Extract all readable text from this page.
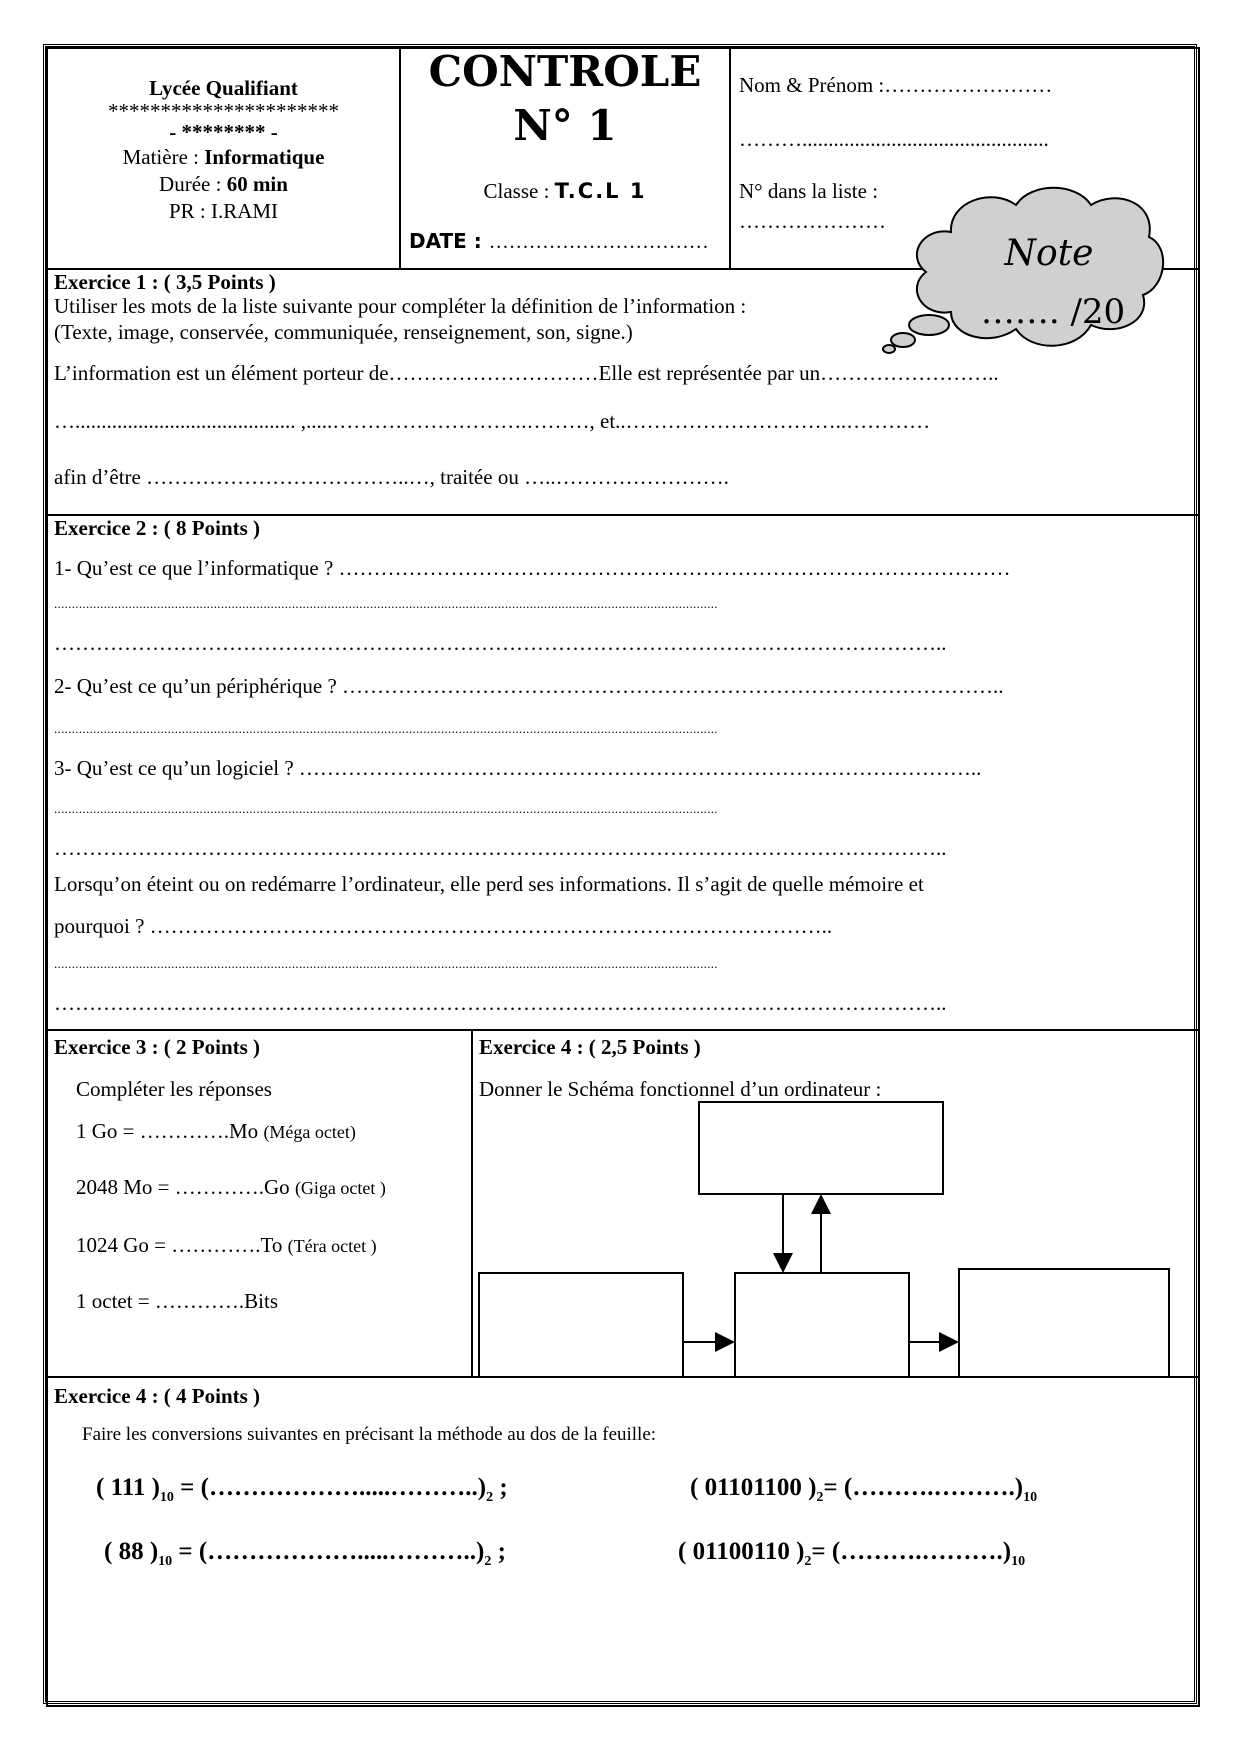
Lycée Qualifiant
**********************
- ******** -
Matière : Informatique
Durée : 60 min
PR : I.RAMI
CONTROLE
N° 1
Classe : T.C.L 1
DATE : ……………………………
Nom & Prénom :……………………
………...............................................
N° dans la liste :
…………………
Exercice 1 : ( 3,5 Points )
Utiliser les mots de la liste suivante pour compléter la définition de l’information :
(Texte, image, conservée, communiquée, renseignement, son, signe.)
L’information est un élément porteur de…………………………Elle est représentée par un……………………..
….......................................... ,.....……………………….………, et..…………………………..…………
afin d’être ………………………………..…, traitée ou …..…………………….
Note
……. /20
Exercice 2 : ( 8 Points )
1- Qu’est ce que l’informatique ? ……………………………………………………………………………………
...........................................................................................................................................................................................
………………………………………………………………………………………………………………..
2- Qu’est ce qu’un périphérique ? …………………………………………………………………………………..
...........................................................................................................................................................................................
3- Qu’est ce qu’un logiciel ? ……………………………………………………………………………………..
...........................................................................................................................................................................................
………………………………………………………………………………………………………………..
Lorsqu’on éteint ou on redémarre l’ordinateur, elle perd ses informations. Il s’agit de quelle mémoire et
pourquoi ? ……………………………………………………………………………………..
...........................................................................................................................................................................................
………………………………………………………………………………………………………………..
Exercice 3 : ( 2 Points )
Compléter les réponses
1 Go = ………….Mo (Méga octet)
2048 Mo = ………….Go (Giga octet )
1024 Go = ………….To (Téra octet )
1 octet = ………….Bits
Exercice 4 : ( 2,5 Points )
Donner le Schéma fonctionnel d’un ordinateur :
Exercice 4 : ( 4 Points )
Faire les conversions suivantes en précisant la méthode au dos de la feuille:
( 111 )$_{10}$ = $(\dots\dots\dots\dots\dots\dots.....\dots\dots\dots..)_2$ ;	( 01101100 )$_2=$ $(\dots\dots\dots.\dots\dots\dots.)_{10}$
( 88 )$_{10}$ = $(\dots\dots\dots\dots\dots\dots.....\dots\dots\dots..)_2$ ;	( 01100110 )$_2=$ $(\dots\dots\dots.\dots\dots\dots.)_{10}$
